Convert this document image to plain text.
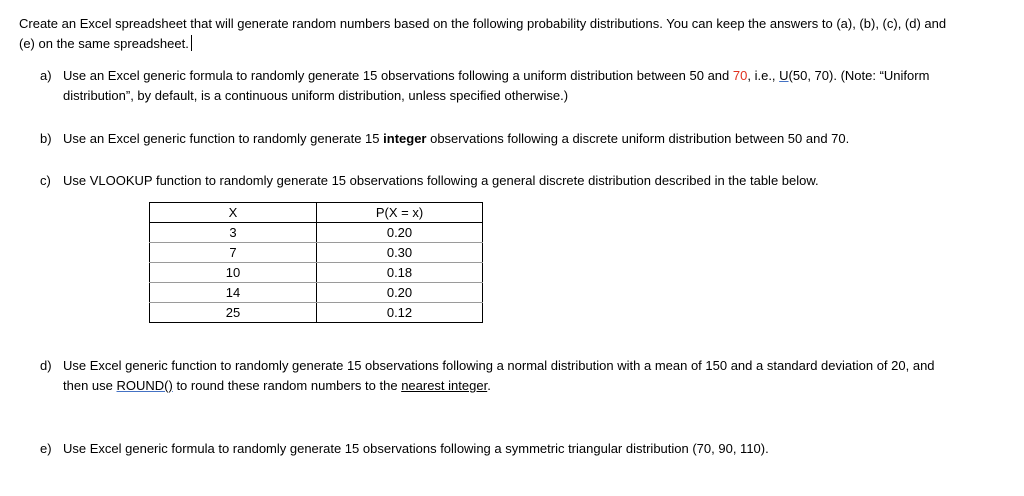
Create an Excel spreadsheet that will generate random numbers based on the following probability distributions. You can keep the answers to (a), (b), (c), (d) and
(e) on the same spreadsheet.
a) Use an Excel generic formula to randomly generate 15 observations following a uniform distribution between 50 and 70, i.e., U(50, 70). (Note: “Uniform
distribution”, by default, is a continuous uniform distribution, unless specified otherwise.)
b) Use an Excel generic function to randomly generate 15 integer observations following a discrete uniform distribution between 50 and 70.
c) Use VLOOKUP function to randomly generate 15 observations following a general discrete distribution described in the table below.
X	P(X = x)
3	0.20
7	0.30
10	0.18
14	0.20
25	0.12
d) Use Excel generic function to randomly generate 15 observations following a normal distribution with a mean of 150 and a standard deviation of 20, and
then use ROUND() to round these random numbers to the nearest integer.
e) Use Excel generic formula to randomly generate 15 observations following a symmetric triangular distribution (70, 90, 110).
